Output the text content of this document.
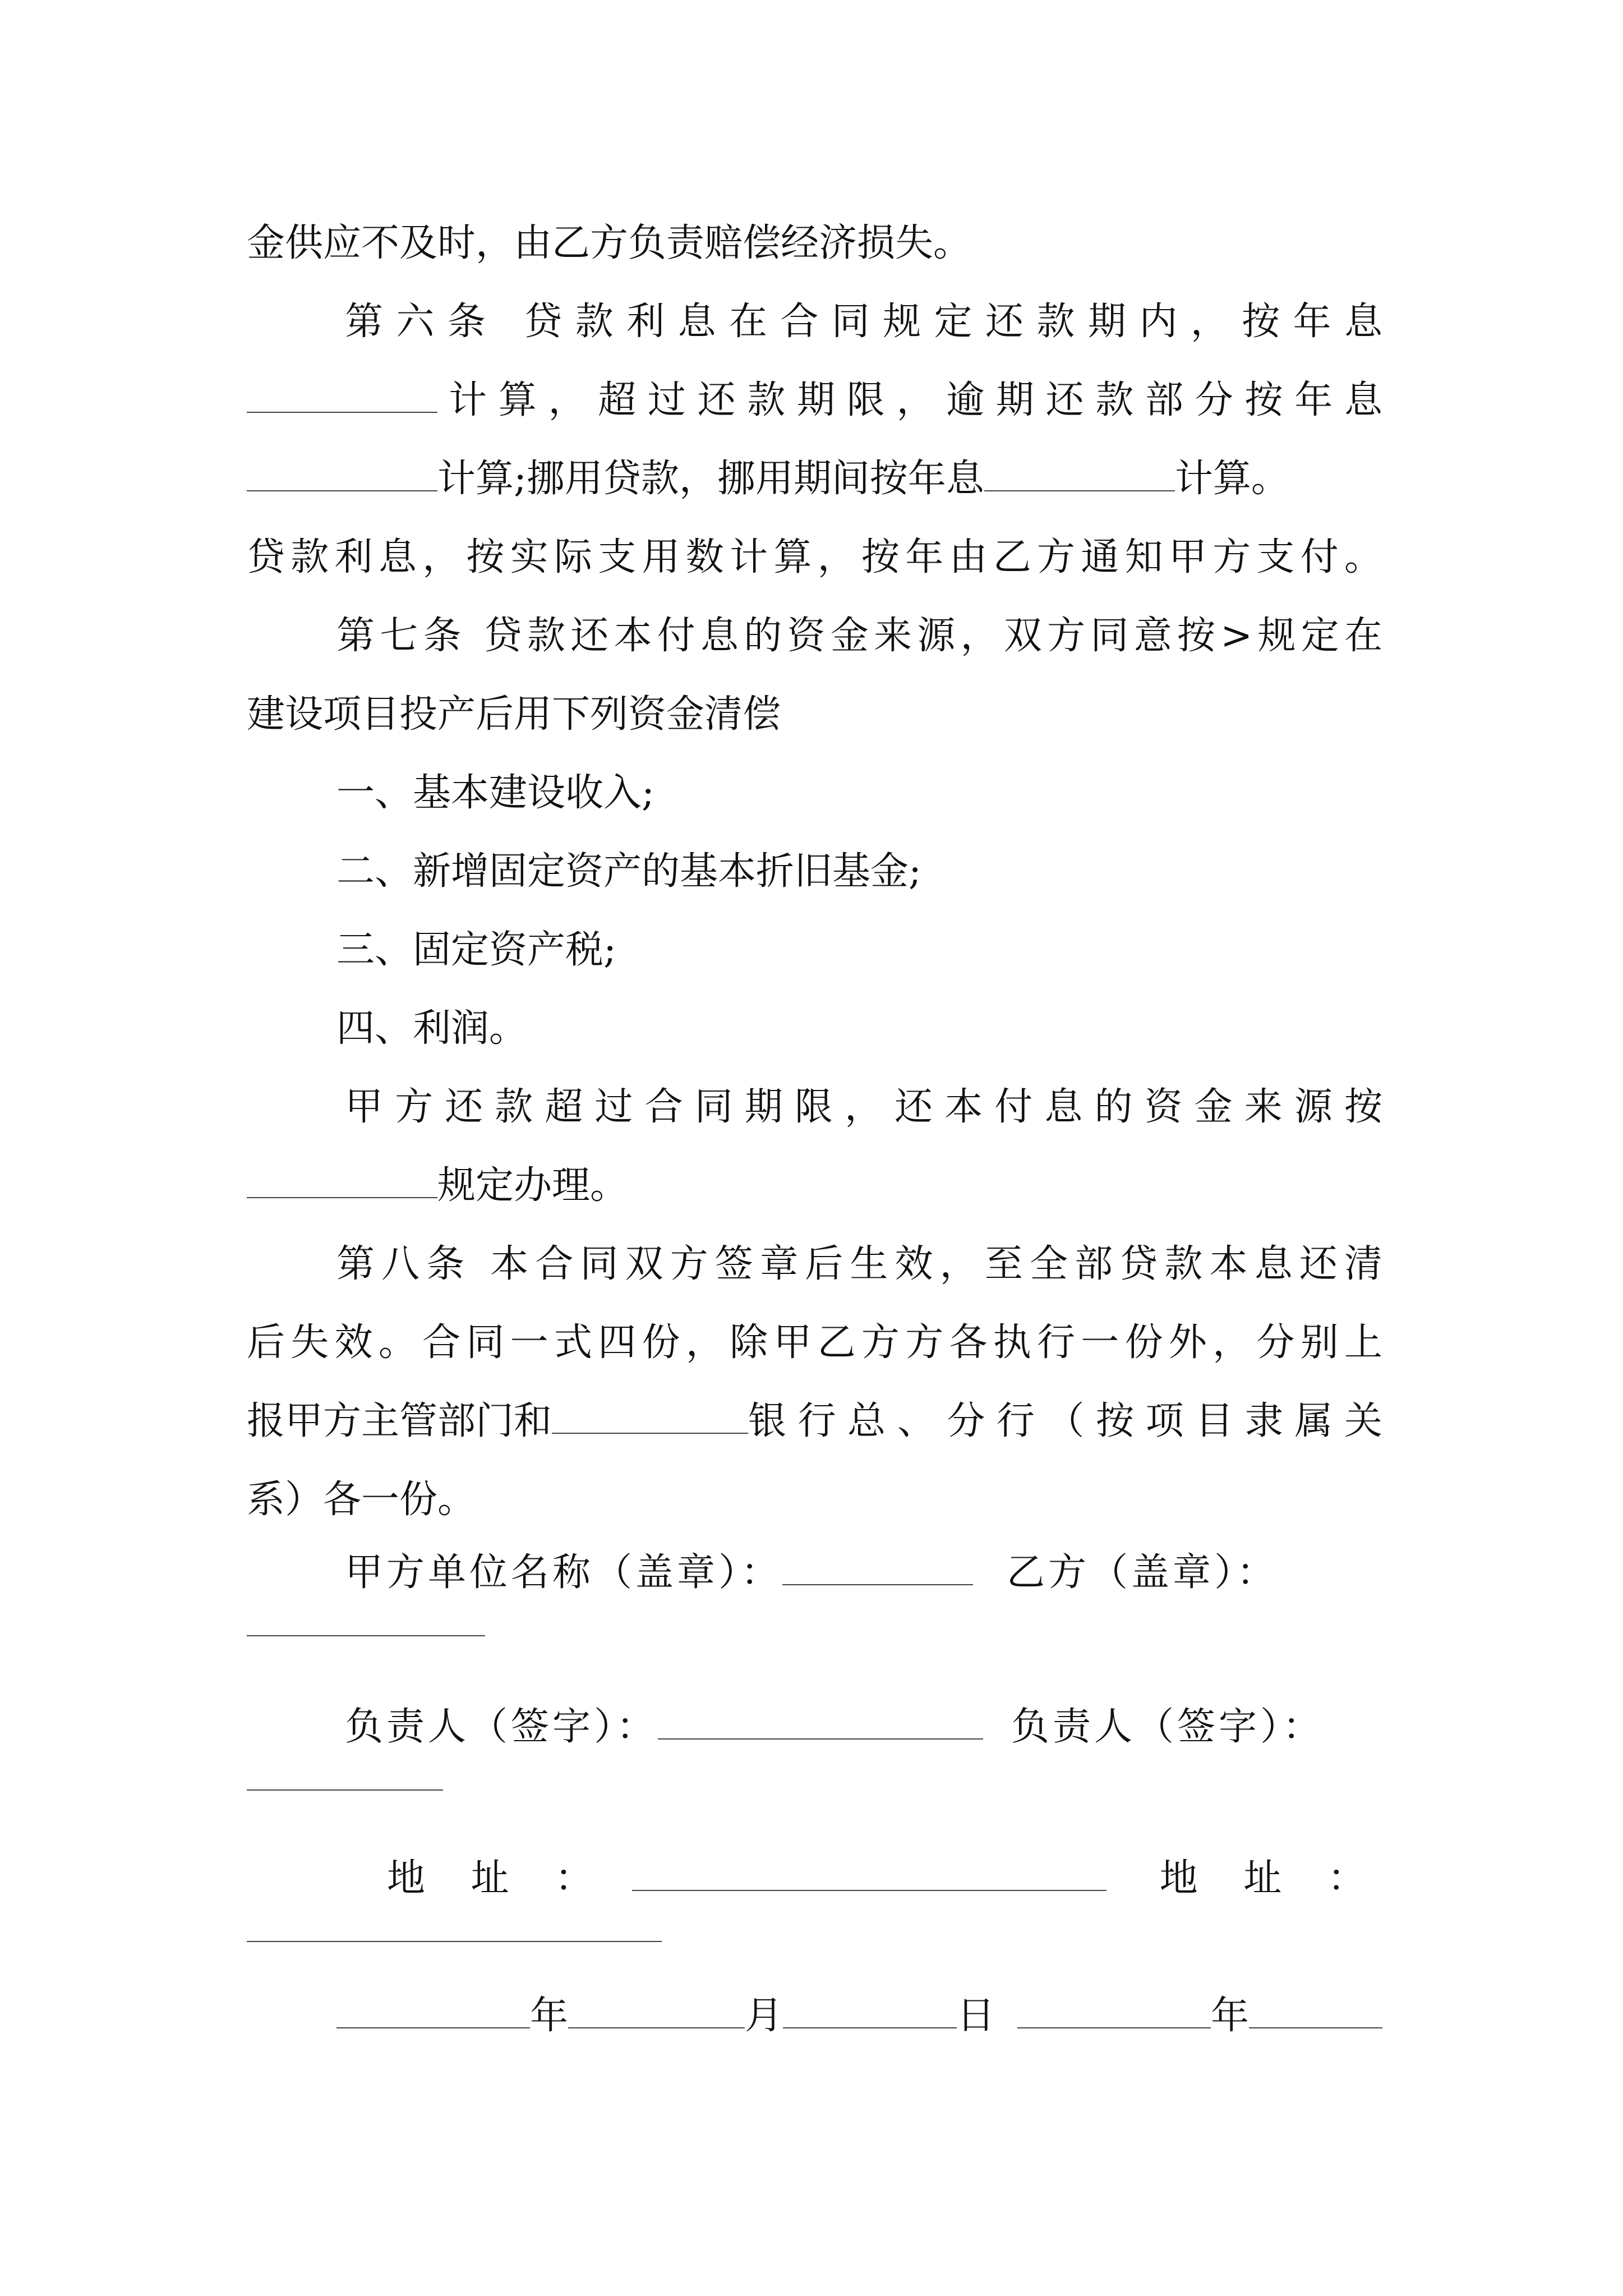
金供应不及时，由乙方负责赔偿经济损失。

第六条 贷款利息在合同规定还款期内，按年息

计算，超过还款期限，逾期还款部分按年息
计算;挪用贷款，挪用期间按年息	计算。

贷款利息，按实际支用数计算，按年由乙方通知甲方支付。

第七条 贷款还本付息的资金来源，双方同意按>规定在

建设项目投产后用下列资金清偿

一、基本建设收入;

二、新增固定资产的基本折旧基金;

三、固定资产税;

四、利润。

甲方还款超过合同期限，还本付息的资金来源按

规定办理。

第八条 本合同双方签章后生效，至全部贷款本息还清

后失效。合同一式四份，除甲乙方方各执行一份外，分别上

报甲方主管部门和	银行总、分行（按项目隶属关

系）各一份。

甲方单位名称（盖章）：	乙方（盖章）：
负责人（签字）：	负责人（签字）：
地 址 ：	地 址 ：
年	月	日	年
